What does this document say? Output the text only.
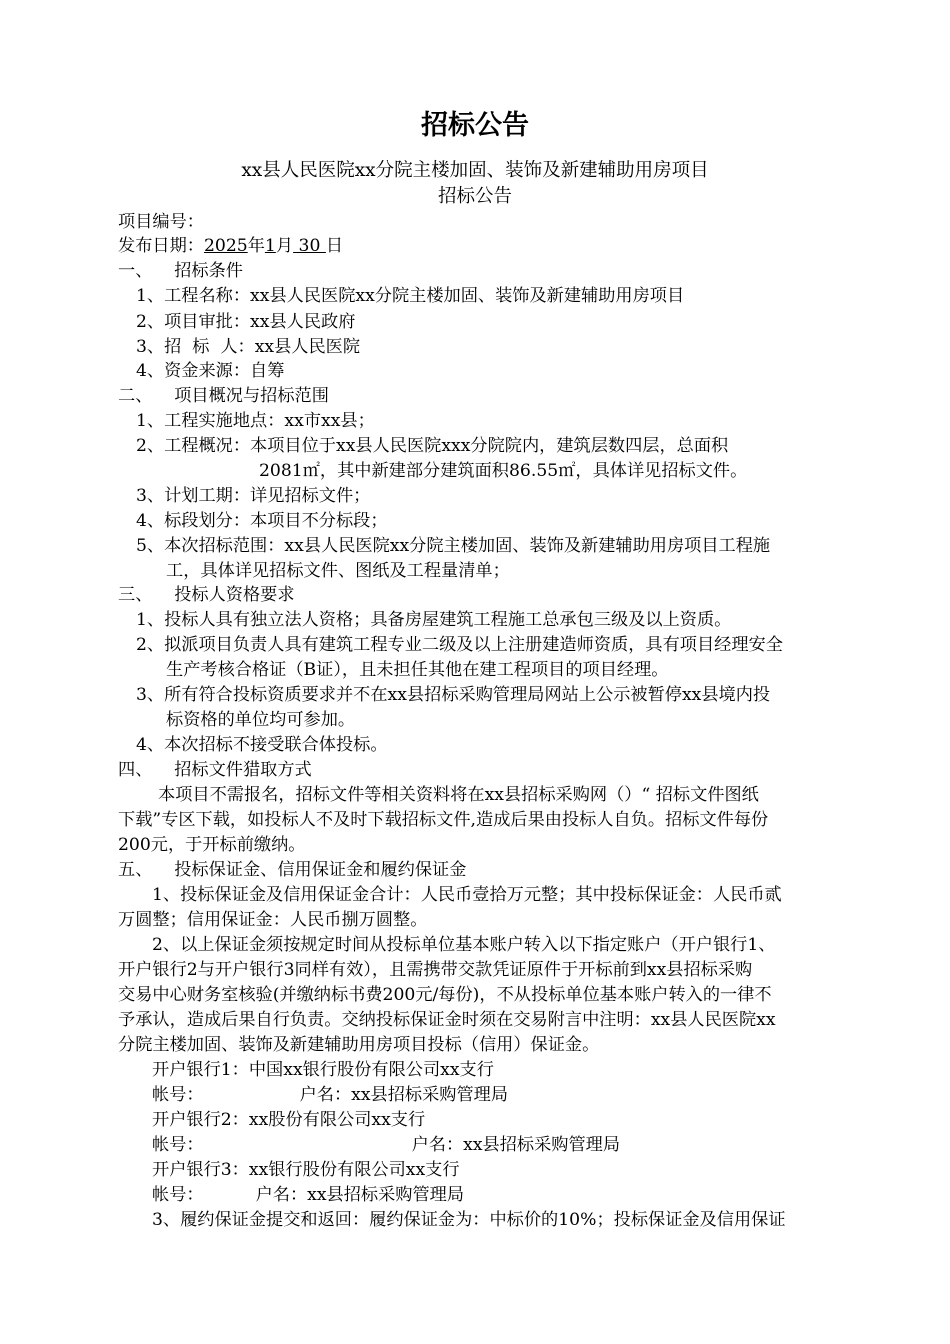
招标公告
xx县人民医院xx分院主楼加固、装饰及新建辅助用房项目
招标公告
项目编号：
发布日期：2025年1月 30 日
一、    招标条件
1、工程名称：xx县人民医院xx分院主楼加固、装饰及新建辅助用房项目
2、项目审批：xx县人民政府
3、招  标  人：xx县人民医院
4、资金来源：自筹
二、    项目概况与招标范围
1、工程实施地点：xx市xx县；
2、工程概况：本项目位于xx县人民医院xxx分院院内，建筑层数四层，总面积
2081㎡，其中新建部分建筑面积86.55㎡，具体详见招标文件。
3、计划工期：详见招标文件；
4、标段划分：本项目不分标段；
5、本次招标范围：xx县人民医院xx分院主楼加固、装饰及新建辅助用房项目工程施
工，具体详见招标文件、图纸及工程量清单；
三、    投标人资格要求
1、投标人具有独立法人资格；具备房屋建筑工程施工总承包三级及以上资质。
2、拟派项目负责人具有建筑工程专业二级及以上注册建造师资质，具有项目经理安全
生产考核合格证（B证），且未担任其他在建工程项目的项目经理。
3、所有符合投标资质要求并不在xx县招标采购管理局网站上公示被暂停xx县境内投
标资格的单位均可参加。
4、本次招标不接受联合体投标。
四、    招标文件猎取方式
本项目不需报名，招标文件等相关资料将在xx县招标采购网（）“ 招标文件图纸
下载”专区下载，如投标人不及时下载招标文件,造成后果由投标人自负。招标文件每份
200元，于开标前缴纳。
五、    投标保证金、信用保证金和履约保证金
1、投标保证金及信用保证金合计：人民币壹拾万元整；其中投标保证金：人民币贰
万圆整；信用保证金：人民币捌万圆整。
2、以上保证金须按规定时间从投标单位基本账户转入以下指定账户（开户银行1、
开户银行2与开户银行3同样有效），且需携带交款凭证原件于开标前到xx县招标采购
交易中心财务室核验(并缴纳标书费200元/每份)，不从投标单位基本账户转入的一律不
予承认，造成后果自行负责。交纳投标保证金时须在交易附言中注明：xx县人民医院xx
分院主楼加固、装饰及新建辅助用房项目投标（信用）保证金。
开户银行1：中国xx银行股份有限公司xx支行
帐号：	户名：xx县招标采购管理局
开户银行2：xx股份有限公司xx支行
帐号：	户名：xx县招标采购管理局
开户银行3：xx银行股份有限公司xx支行
帐号：	户名：xx县招标采购管理局
3、履约保证金提交和返回：履约保证金为：中标价的10%；投标保证金及信用保证
